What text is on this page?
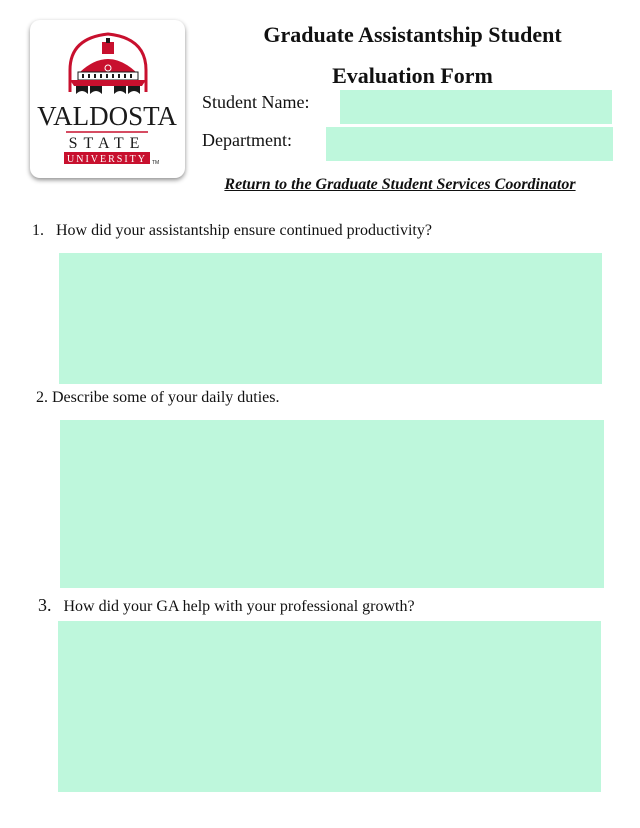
VALDOSTA
STATE
UNIVERSITY TM
Graduate Assistantship Student
Evaluation Form
Student Name:
Department:
Return to the Graduate Student Services Coordinator
1. How did your assistantship ensure continued productivity?
2. Describe some of your daily duties.
3. How did your GA help with your professional growth?
